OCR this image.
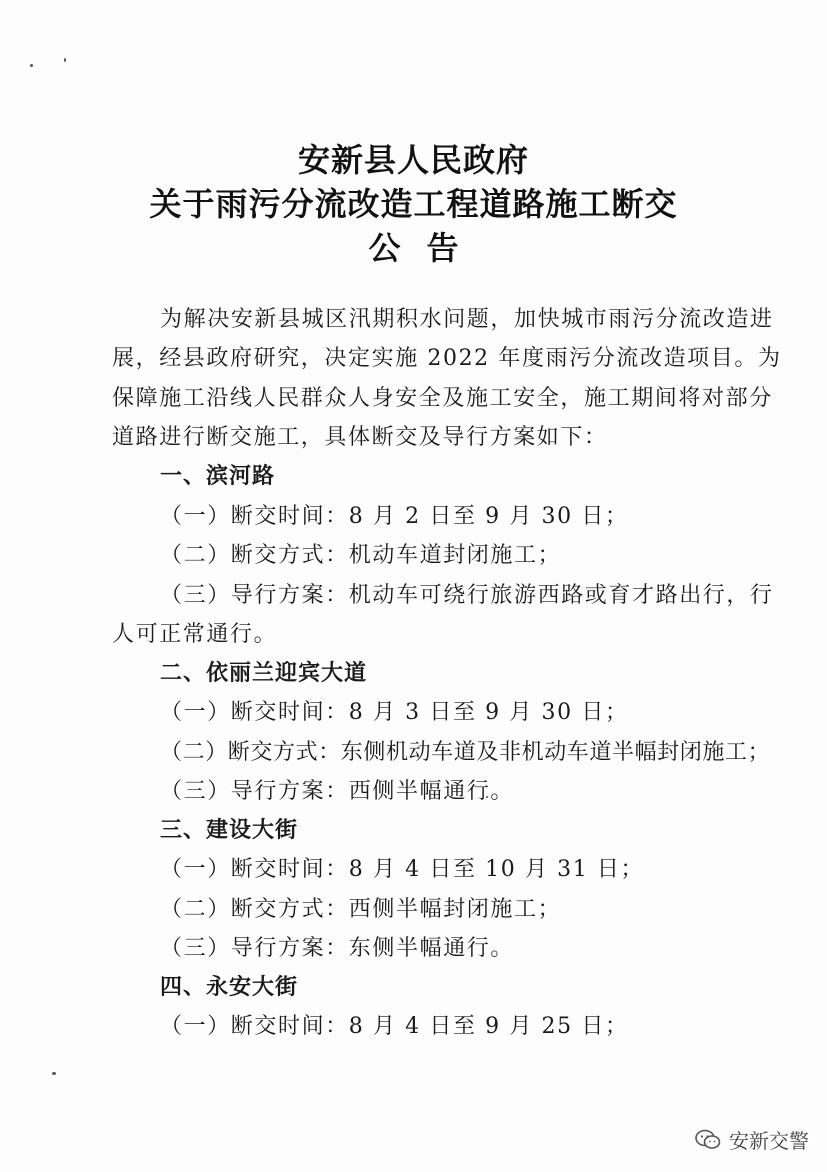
安新县人民政府
关于雨污分流改造工程道路施工断交
公告
为解决安新县城区汛期积水问题，加快城市雨污分流改造进
展，经县政府研究，决定实施 2022 年度雨污分流改造项目。为
保障施工沿线人民群众人身安全及施工安全，施工期间将对部分
道路进行断交施工，具体断交及导行方案如下：
一、滨河路
（一）断交时间：8 月 2 日至 9 月 30 日；
（二）断交方式：机动车道封闭施工；
（三）导行方案：机动车可绕行旅游西路或育才路出行，行
人可正常通行。
二、依丽兰迎宾大道
（一）断交时间：8 月 3 日至 9 月 30 日；
（二）断交方式：东侧机动车道及非机动车道半幅封闭施工；
（三）导行方案：西侧半幅通行。
三、建设大街
（一）断交时间：8 月 4 日至 10 月 31 日；
（二）断交方式：西侧半幅封闭施工；
（三）导行方案：东侧半幅通行。
四、永安大街
（一）断交时间：8 月 4 日至 9 月 25 日；
安新交警
